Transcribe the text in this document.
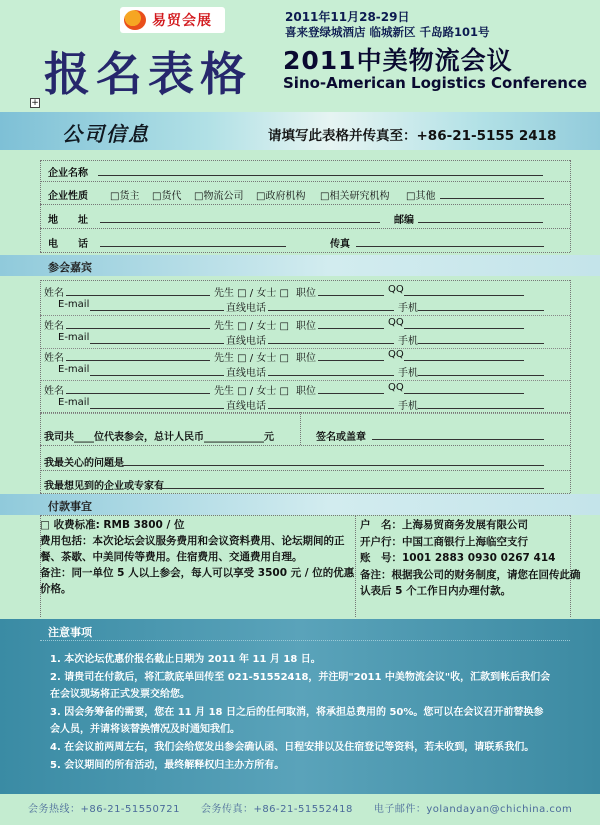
易贸会展
报名表格
2011年11月28-29日
喜来登绿城酒店 临城新区 千岛路101号
2011中美物流会议
Sino-American Logistics Conference
+
公司信息	请填写此表格并传真至：+86-21-5155 2418
企业名称
企业性质 □货主 □货代 □物流公司 □政府机构 □相关研究机构 □其他
地　　址	邮编
电　　话	传真
参会嘉宾
姓名	先生 □ / 女士 □ 职位	QQ
E-mail	直线电话	手机
姓名	先生 □ / 女士 □ 职位	QQ
E-mail	直线电话	手机
姓名	先生 □ / 女士 □ 职位	QQ
E-mail	直线电话	手机
姓名	先生 □ / 女士 □ 职位	QQ
E-mail	直线电话	手机
我司共____位代表参会，总计人民币____________元	签名或盖章
我最关心的问题是
我最想见到的企业或专家有
付款事宜
□ 收费标准: RMB 3800 / 位
费用包括：本次论坛会议服务费用和会议资料费用、论坛期间的正餐、茶歇、中美同传等费用。住宿费用、交通费用自理。
备注：同一单位 5 人以上参会，每人可以享受 3500 元 / 位的优惠价格。
户　名：上海易贸商务发展有限公司
开户行：中国工商银行上海临空支行
账　号：1001 2883 0930 0267 414
备注：根据我公司的财务制度，请您在回传此确认表后 5 个工作日内办理付款。
注意事项
1. 本次论坛优惠价报名截止日期为 2011 年 11 月 18 日。
2. 请贵司在付款后，将汇款底单回传至 021-51552418，并注明"2011 中美物流会议"收，汇款到帐后我们会
在会议现场将正式发票交给您。
3. 因会务筹备的需要，您在 11 月 18 日之后的任何取消，将承担总费用的 50%。您可以在会议召开前替换参
会人员，并请将该替换情况及时通知我们。
4. 在会议前两周左右，我们会给您发出参会确认函、日程安排以及住宿登记等资料，若未收到，请联系我们。
5. 会议期间的所有活动，最终解释权归主办方所有。
会务热线：+86-21-51550721　　会务传真：+86-21-51552418　　电子邮件：yolandayan@chichina.com
